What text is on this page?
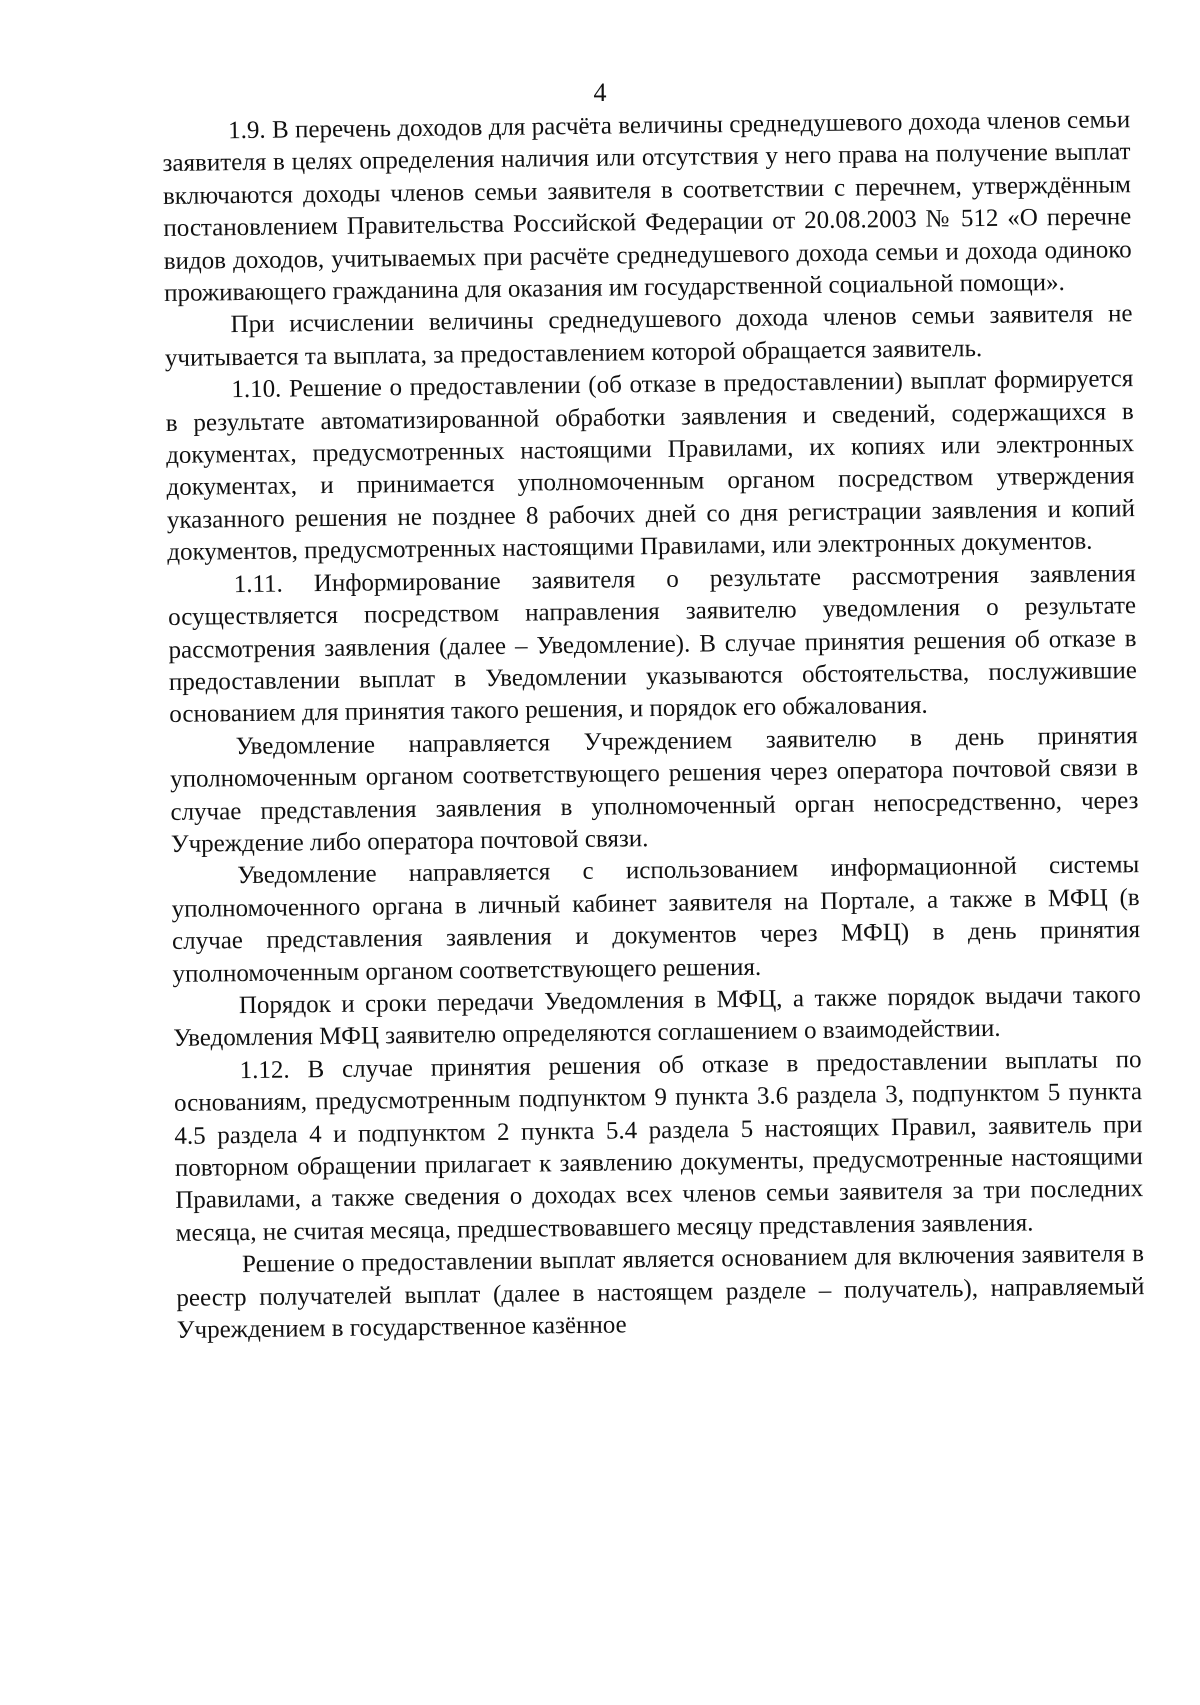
4

1.9. В перечень доходов для расчёта величины среднедушевого дохода членов семьи заявителя в целях определения наличия или отсутствия у него права на получение выплат включаются доходы членов семьи заявителя в соответствии с перечнем, утверждённым постановлением Правительства Российской Федерации от 20.08.2003 № 512 «О перечне видов доходов, учитываемых при расчёте среднедушевого дохода семьи и дохода одиноко проживающего гражданина для оказания им государственной социальной помощи».

При исчислении величины среднедушевого дохода членов семьи заявителя не учитывается та выплата, за предоставлением которой обращается заявитель.

1.10. Решение о предоставлении (об отказе в предоставлении) выплат формируется в результате автоматизированной обработки заявления и сведений, содержащихся в документах, предусмотренных настоящими Правилами, их копиях или электронных документах, и принимается уполномоченным органом посредством утверждения указанного решения не позднее 8 рабочих дней со дня регистрации заявления и копий документов, предусмотренных настоящими Правилами, или электронных документов.

1.11. Информирование заявителя о результате рассмотрения заявления осуществляется посредством направления заявителю уведомления о результате рассмотрения заявления (далее – Уведомление). В случае принятия решения об отказе в предоставлении выплат в Уведомлении указываются обстоятельства, послужившие основанием для принятия такого решения, и порядок его обжалования.

Уведомление направляется Учреждением заявителю в день принятия уполномоченным органом соответствующего решения через оператора почтовой связи в случае представления заявления в уполномоченный орган непосредственно, через Учреждение либо оператора почтовой связи.

Уведомление направляется с использованием информационной системы уполномоченного органа в личный кабинет заявителя на Портале, а также в МФЦ (в случае представления заявления и документов через МФЦ) в день принятия уполномоченным органом соответствующего решения.

Порядок и сроки передачи Уведомления в МФЦ, а также порядок выдачи такого Уведомления МФЦ заявителю определяются соглашением о взаимодействии.

1.12. В случае принятия решения об отказе в предоставлении выплаты по основаниям, предусмотренным подпунктом 9 пункта 3.6 раздела 3, подпунктом 5 пункта 4.5 раздела 4 и подпунктом 2 пункта 5.4 раздела 5 настоящих Правил, заявитель при повторном обращении прилагает к заявлению документы, предусмотренные настоящими Правилами, а также сведения о доходах всех членов семьи заявителя за три последних месяца, не считая месяца, предшествовавшего месяцу представления заявления.

Решение о предоставлении выплат является основанием для включения заявителя в реестр получателей выплат (далее в настоящем разделе – получатель), направляемый Учреждением в государственное казённое
